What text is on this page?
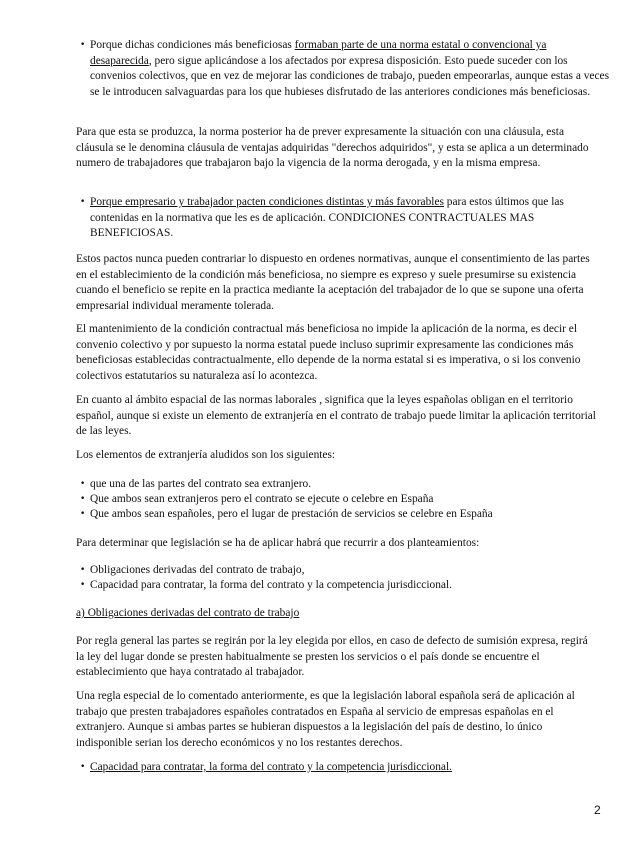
• Porque dichas condiciones más beneficiosas formaban parte de una norma estatal o convencional ya desaparecida, pero sigue aplicándose a los afectados por expresa disposición. Esto puede suceder con los convenios colectivos, que en vez de mejorar las condiciones de trabajo, pueden empeorarlas, aunque estas a veces se le introducen salvaguardas para los que hubieses disfrutado de las anteriores condiciones más beneficiosas.

Para que esta se produzca, la norma posterior ha de prever expresamente la situación con una cláusula, esta cláusula se le denomina cláusula de ventajas adquiridas "derechos adquiridos", y esta se aplica a un determinado numero de trabajadores que trabajaron bajo la vigencia de la norma derogada, y en la misma empresa.

• Porque empresario y trabajador pacten condiciones distintas y más favorables para estos últimos que las contenidas en la normativa que les es de aplicación. CONDICIONES CONTRACTUALES MAS BENEFICIOSAS.

Estos pactos nunca pueden contrariar lo dispuesto en ordenes normativas, aunque el consentimiento de las partes en el establecimiento de la condición más beneficiosa, no siempre es expreso y suele presumirse su existencia cuando el beneficio se repite en la practica mediante la aceptación del trabajador de lo que se supone una oferta empresarial individual meramente tolerada.

El mantenimiento de la condición contractual más beneficiosa no impide la aplicación de la norma, es decir el convenio colectivo y por supuesto la norma estatal puede incluso suprimir expresamente las condiciones más beneficiosas establecidas contractualmente, ello depende de la norma estatal si es imperativa, o si los convenio colectivos estatutarios su naturaleza así lo acontezca.

En cuanto al ámbito espacial de las normas laborales , significa que la leyes españolas obligan en el territorio español, aunque si existe un elemento de extranjería en el contrato de trabajo puede limitar la aplicación territorial de las leyes.

Los elementos de extranjería aludidos son los siguientes:

• que una de las partes del contrato sea extranjero.

• Que ambos sean extranjeros pero el contrato se ejecute o celebre en España

• Que ambos sean españoles, pero el lugar de prestación de servicios se celebre en España

Para determinar que legislación se ha de aplicar habrá que recurrir a dos planteamientos:

• Obligaciones derivadas del contrato de trabajo,

• Capacidad para contratar, la forma del contrato y la competencia jurisdiccional.

a) Obligaciones derivadas del contrato de trabajo

Por regla general las partes se regirán por la ley elegida por ellos, en caso de defecto de sumisión expresa, regirá la ley del lugar donde se presten habitualmente se presten los servicios o el país donde se encuentre el establecimiento que haya contratado al trabajador.

Una regla especial de lo comentado anteriormente, es que la legislación laboral española será de aplicación al trabajo que presten trabajadores españoles contratados en España al servicio de empresas españolas en el extranjero. Aunque si ambas partes se hubieran dispuestos a la legislación del país de destino, lo único indisponible serian los derecho económicos y no los restantes derechos.

• Capacidad para contratar, la forma del contrato y la competencia jurisdiccional.

2
